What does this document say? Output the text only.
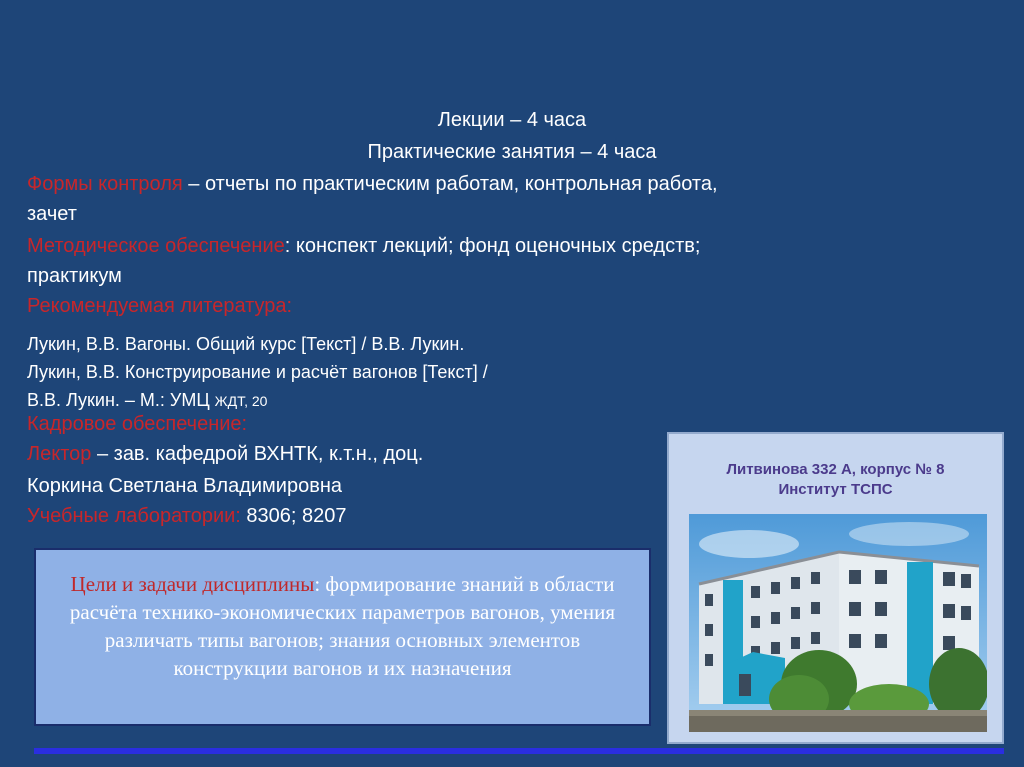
Лекции – 4 часа
Практические занятия – 4 часа
Формы контроля – отчеты по практическим работам, контрольная работа,
зачет
Методическое обеспечение: конспект лекций; фонд оценочных средств;
практикум
Рекомендуемая литература:
Лукин, В.В. Вагоны. Общий курс [Текст] / В.В. Лукин.
Лукин, В.В. Конструирование и расчёт вагонов [Текст] /
В.В. Лукин. – М.: УМЦ ЖДТ, 20
Кадровое обеспечение:
Лектор – зав. кафедрой ВХНТК, к.т.н., доц.
Коркина Светлана Владимировна
Учебные лаборатории: 8306; 8207
Цели и задачи дисциплины: формирование знаний в области расчёта технико-экономических параметров вагонов, умения различать типы вагонов; знания основных элементов конструкции вагонов и их назначения
Литвинова 332 А, корпус № 8
Институт ТСПС
